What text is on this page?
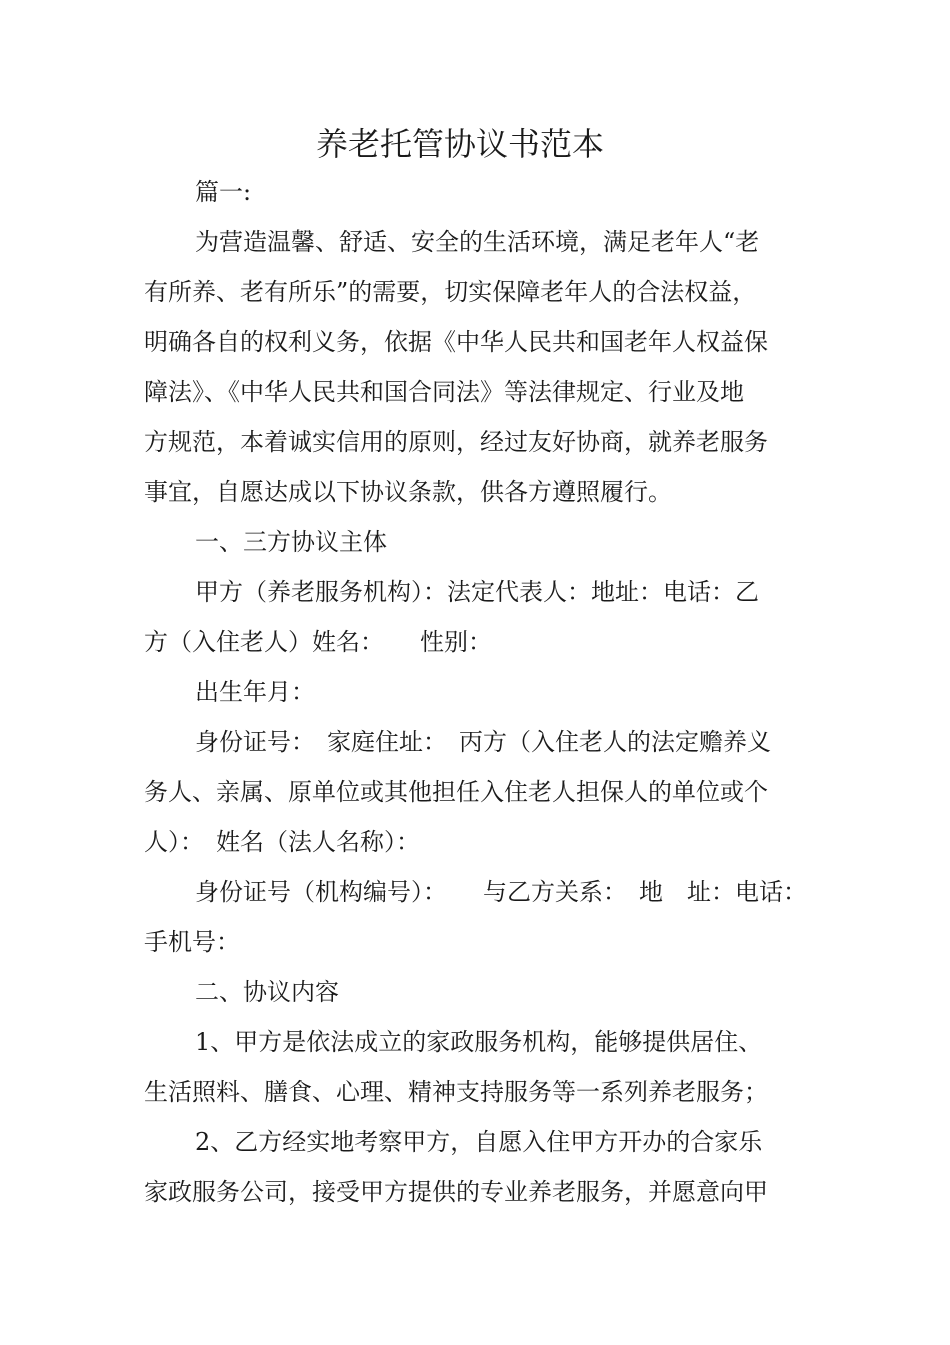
养老托管协议书范本
篇一:
为营造温馨、舒适、安全的生活环境，满足老年人“老
有所养、老有所乐”的需要，切实保障老年人的合法权益，
明确各自的权利义务，依据《中华人民共和国老年人权益保
障法》、《中华人民共和国合同法》等法律规定、行业及地
方规范，本着诚实信用的原则，经过友好协商，就养老服务
事宜，自愿达成以下协议条款，供各方遵照履行。
一、三方协议主体
甲方（养老服务机构）：法定代表人：地址：电话：乙
方（入住老人）姓名：　　性别：
出生年月：
身份证号：　家庭住址：　丙方（入住老人的法定赡养义
务人、亲属、原单位或其他担任入住老人担保人的单位或个
人）：　姓名（法人名称）：
身份证号（机构编号）：　　与乙方关系：　地　址：电话：
手机号：
二、协议内容
1、甲方是依法成立的家政服务机构，能够提供居住、
生活照料、膳食、心理、精神支持服务等一系列养老服务；
2、乙方经实地考察甲方，自愿入住甲方开办的合家乐
家政服务公司，接受甲方提供的专业养老服务，并愿意向甲
